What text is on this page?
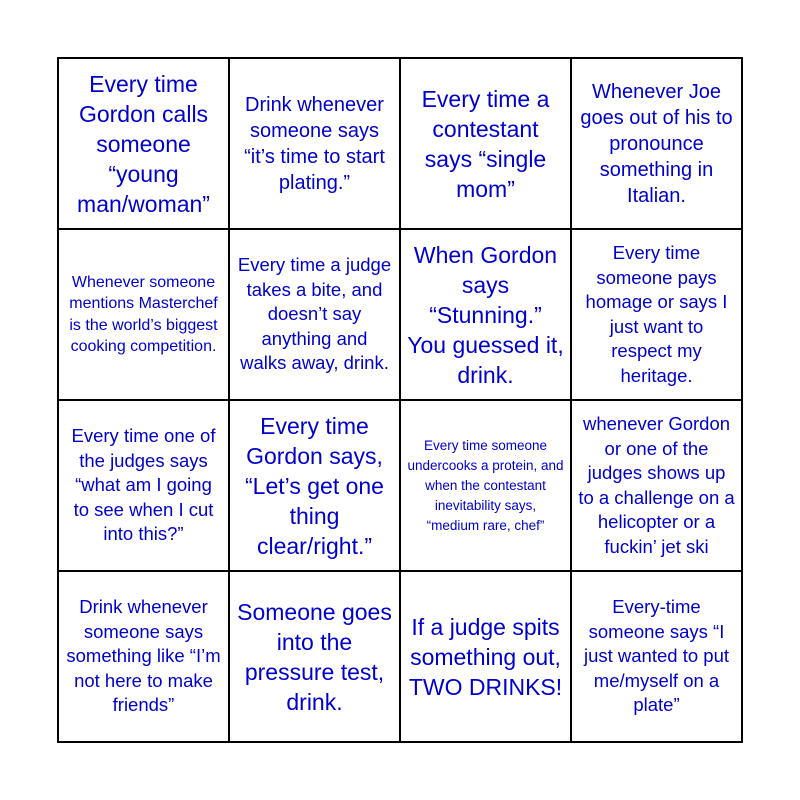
Every time Gordon calls someone “young man/woman”
Drink whenever someone says “it’s time to start plating.”
Every time a contestant says “single mom”
Whenever Joe goes out of his to pronounce something in Italian.
Whenever someone mentions Masterchef is the world’s biggest cooking competition.
Every time a judge takes a bite, and doesn’t say anything and walks away, drink.
When Gordon says “Stunning.” You guessed it, drink.
Every time someone pays homage or says I just want to respect my heritage.
Every time one of the judges says “what am I going to see when I cut into this?”
Every time Gordon says, “Let’s get one thing clear/right.”
Every time someone undercooks a protein, and when the contestant inevitability says, “medium rare, chef”
whenever Gordon or one of the judges shows up to a challenge on a helicopter or a fuckin’ jet ski
Drink whenever someone says something like “I’m not here to make friends”
Someone goes into the pressure test, drink.
If a judge spits something out, TWO DRINKS!
Every-time someone says “I just wanted to put me/myself on a plate”
